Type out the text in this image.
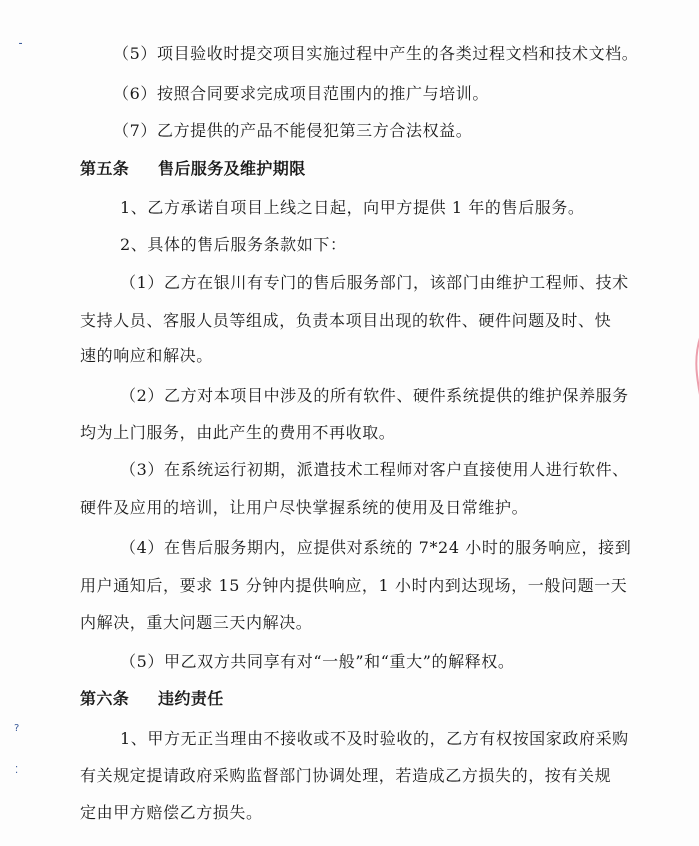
⁃
?
⁚
（5）项目验收时提交项目实施过程中产生的各类过程文档和技术文档。
（6）按照合同要求完成项目范围内的推广与培训。
（7）乙方提供的产品不能侵犯第三方合法权益。
第五条 售后服务及维护期限
1、乙方承诺自项目上线之日起，向甲方提供 1 年的售后服务。
2、具体的售后服务条款如下：
（1）乙方在银川有专门的售后服务部门，该部门由维护工程师、技术
支持人员、客服人员等组成，负责本项目出现的软件、硬件问题及时、快
速的响应和解决。
（2）乙方对本项目中涉及的所有软件、硬件系统提供的维护保养服务
均为上门服务，由此产生的费用不再收取。
（3）在系统运行初期，派遣技术工程师对客户直接使用人进行软件、
硬件及应用的培训，让用户尽快掌握系统的使用及日常维护。
（4）在售后服务期内，应提供对系统的 7*24 小时的服务响应，接到
用户通知后，要求 15 分钟内提供响应，1 小时内到达现场，一般问题一天
内解决，重大问题三天内解决。
（5）甲乙双方共同享有对“一般”和“重大”的解释权。
第六条 违约责任
1、甲方无正当理由不接收或不及时验收的，乙方有权按国家政府采购
有关规定提请政府采购监督部门协调处理，若造成乙方损失的，按有关规
定由甲方赔偿乙方损失。
